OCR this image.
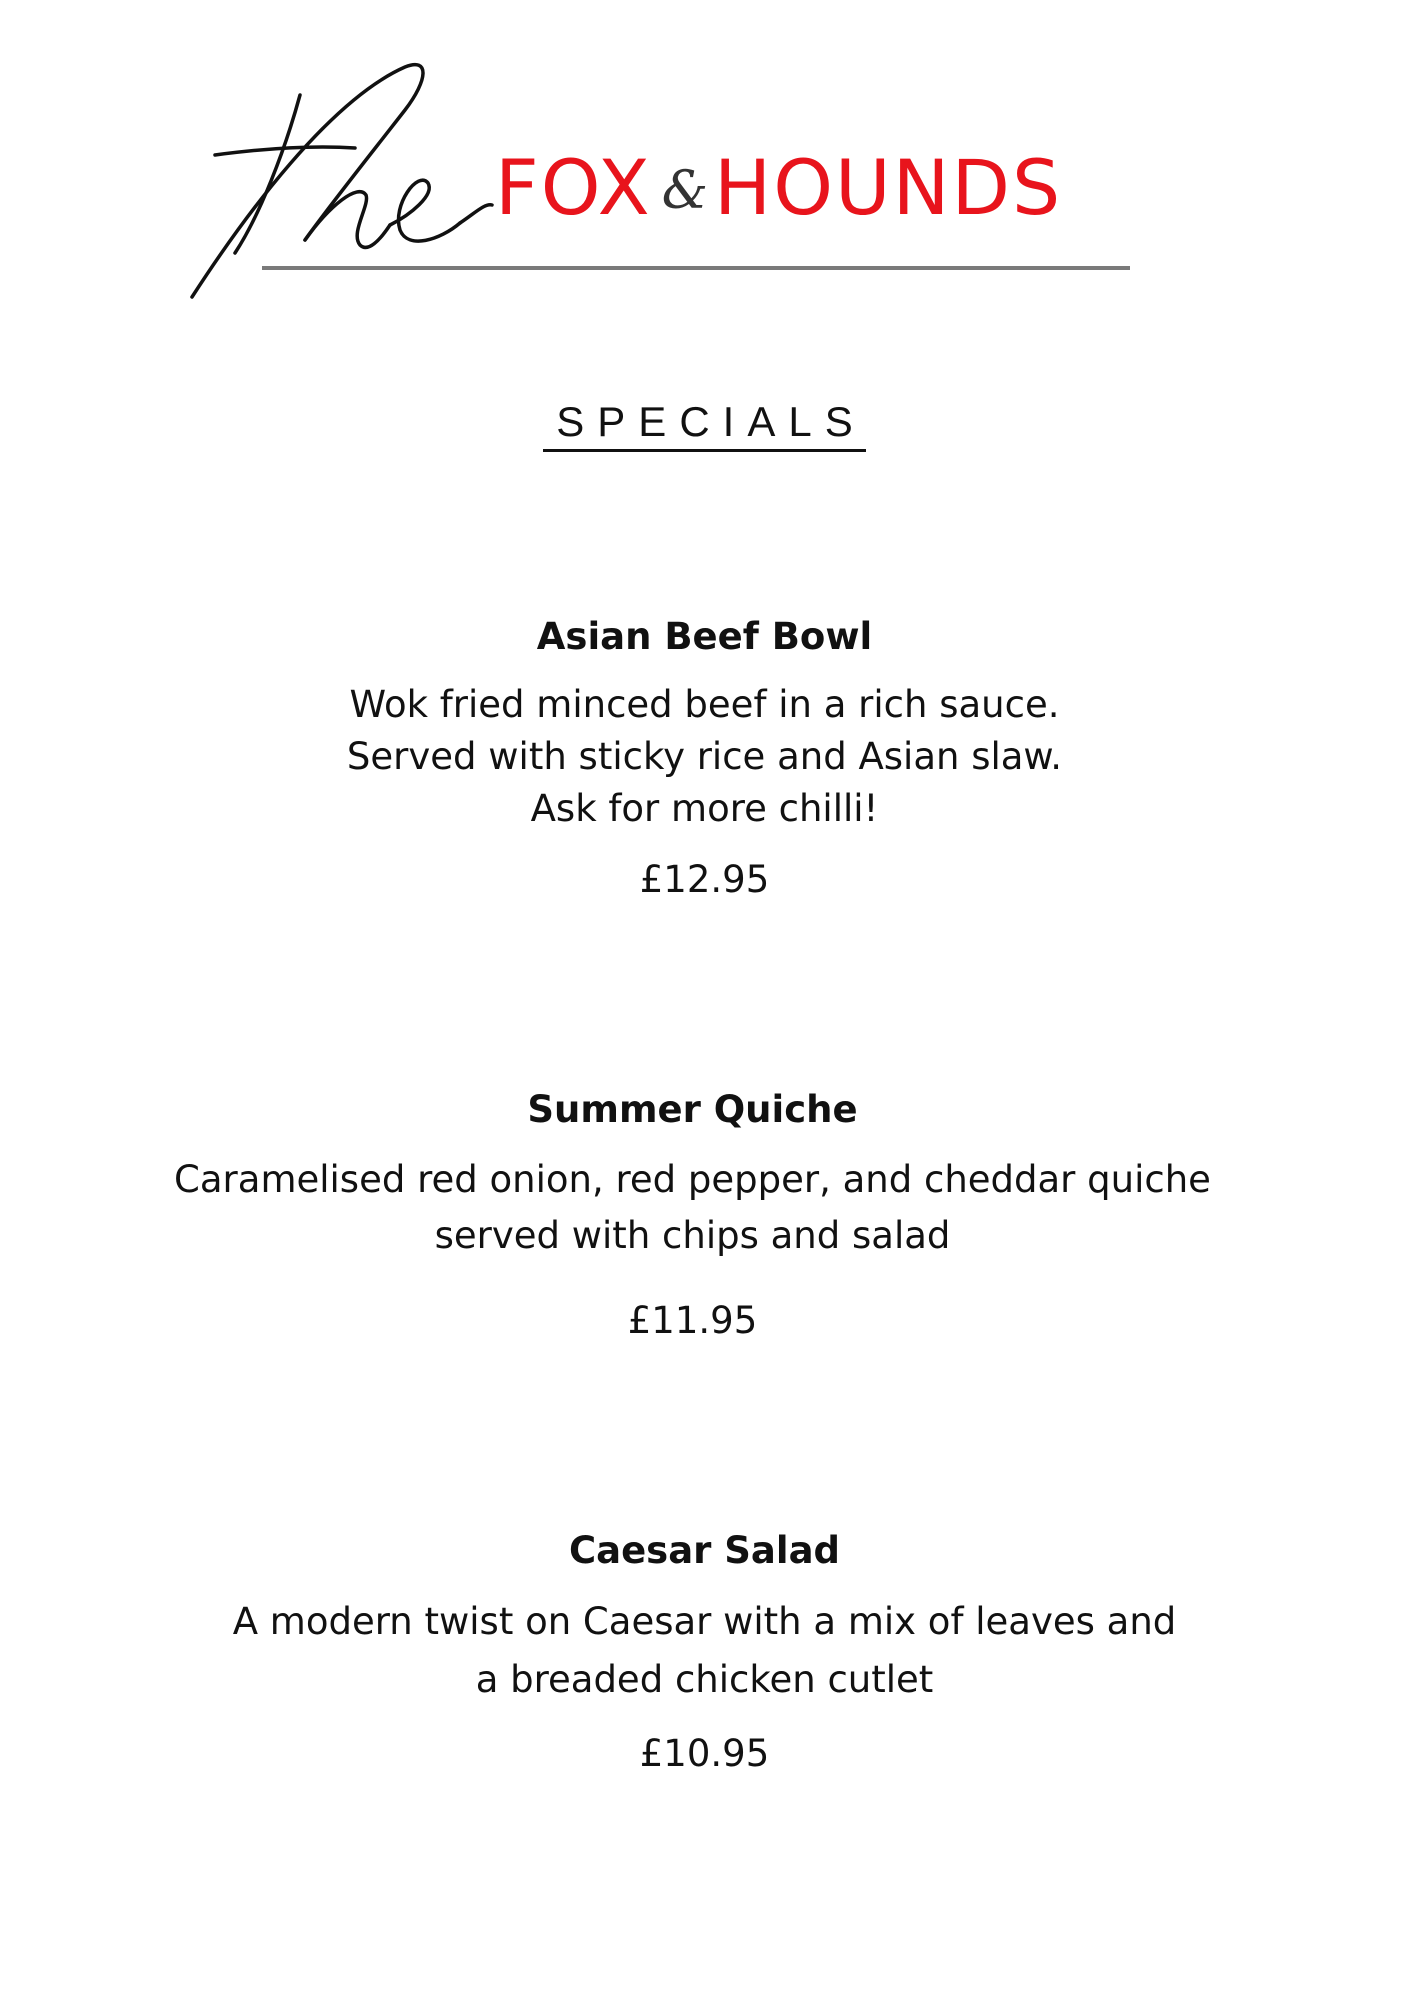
FOX &HOUNDS
SPECIALS

Asian Beef Bowl

Wok fried minced beef in a rich sauce.

Served with sticky rice and Asian slaw.

Ask for more chilli!

£12.95

Summer Quiche

Caramelised red onion, red pepper, and cheddar quiche

served with chips and salad

£11.95

Caesar Salad

A modern twist on Caesar with a mix of leaves and

a breaded chicken cutlet

£10.95
